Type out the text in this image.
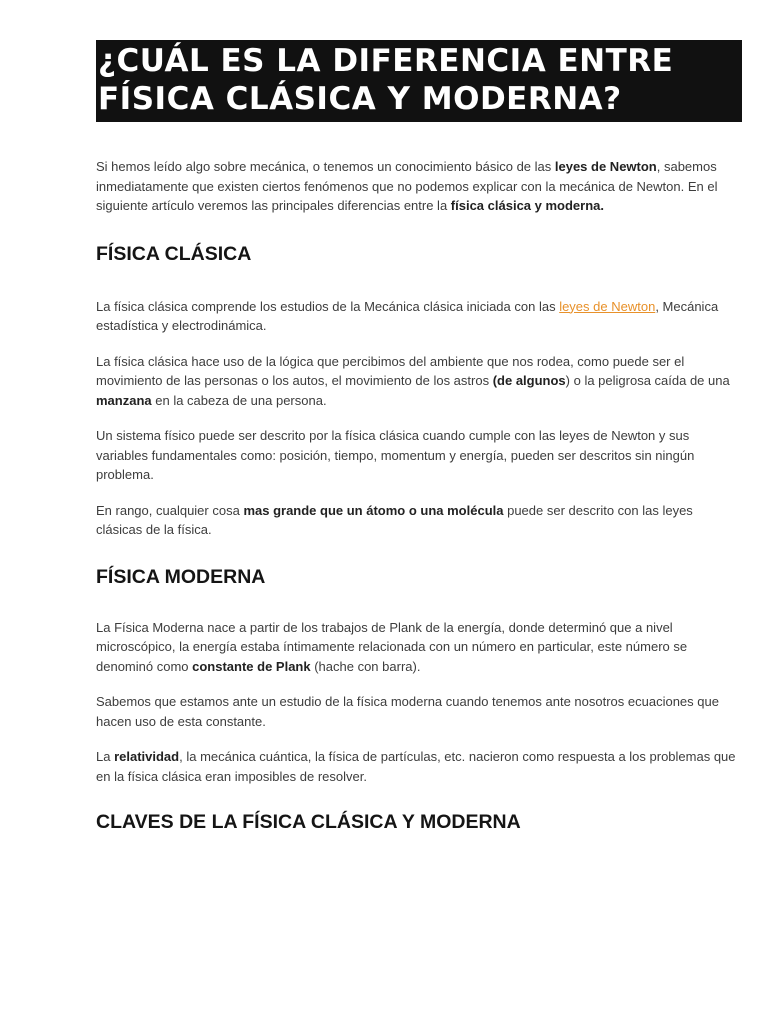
¿CUÁL ES LA DIFERENCIA ENTRE
FÍSICA CLÁSICA Y MODERNA?

Si hemos leído algo sobre mecánica, o tenemos un conocimiento básico de las leyes de Newton, sabemos inmediatamente que existen ciertos fenómenos que no podemos explicar con la mecánica de Newton. En el siguiente artículo veremos las principales diferencias entre la física clásica y moderna.

FÍSICA CLÁSICA

La física clásica comprende los estudios de la Mecánica clásica iniciada con las leyes de Newton, Mecánica estadística y electrodinámica.

La física clásica hace uso de la lógica que percibimos del ambiente que nos rodea, como puede ser el movimiento de las personas o los autos, el movimiento de los astros (de algunos) o la peligrosa caída de una manzana en la cabeza de una persona.

Un sistema físico puede ser descrito por la física clásica cuando cumple con las leyes de Newton y sus variables fundamentales como: posición, tiempo, momentum y energía, pueden ser descritos sin ningún problema.

En rango, cualquier cosa mas grande que un átomo o una molécula puede ser descrito con las leyes clásicas de la física.

FÍSICA MODERNA

La Física Moderna nace a partir de los trabajos de Plank de la energía, donde determinó que a nivel microscópico, la energía estaba íntimamente relacionada con un número en particular, este número se denominó como constante de Plank (hache con barra).

Sabemos que estamos ante un estudio de la física moderna cuando tenemos ante nosotros ecuaciones que hacen uso de esta constante.

La relatividad, la mecánica cuántica, la física de partículas, etc. nacieron como respuesta a los problemas que en la física clásica eran imposibles de resolver.

CLAVES DE LA FÍSICA CLÁSICA Y MODERNA
